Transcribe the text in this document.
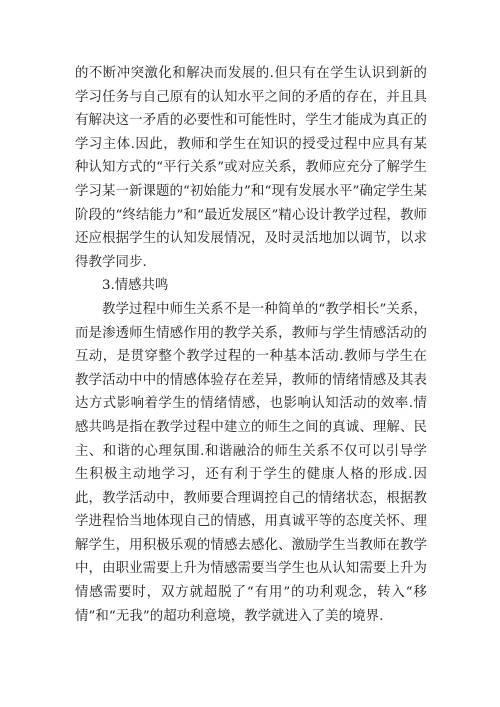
的不断冲突激化和解决而发展的.但只有在学生认识到新的学习任务与自己原有的认知水平之间的矛盾的存在，并且具有解决这一矛盾的必要性和可能性时，学生才能成为真正的学习主体.因此，教师和学生在知识的授受过程中应具有某种认知方式的“平行关系”或对应关系，教师应充分了解学生学习某一新课题的“初始能力”和“现有发展水平”确定学生某阶段的“终结能力”和“最近发展区”精心设计教学过程，教师还应根据学生的认知发展情况，及时灵活地加以调节，以求得教学同步.

3.情感共鸣

教学过程中师生关系不是一种简单的“教学相长”关系，而是渗透师生情感作用的教学关系，教师与学生情感活动的互动，是贯穿整个教学过程的一种基本活动.教师与学生在教学活动中中的情感体验存在差异，教师的情绪情感及其表达方式影响着学生的情绪情感，也影响认知活动的效率.情感共鸣是指在教学过程中建立的师生之间的真诚、理解、民主、和谐的心理氛围.和谐融洽的师生关系不仅可以引导学生积极主动地学习，还有利于学生的健康人格的形成.因此，教学活动中，教师要合理调控自己的情绪状态，根据教学进程恰当地体现自己的情感，用真诚平等的态度关怀、理解学生，用积极乐观的情感去感化、激励学生当教师在教学中，由职业需要上升为情感需要当学生也从认知需要上升为情感需要时，双方就超脱了“有用”的功利观念，转入“移情”和“无我”的超功利意境，教学就进入了美的境界.
